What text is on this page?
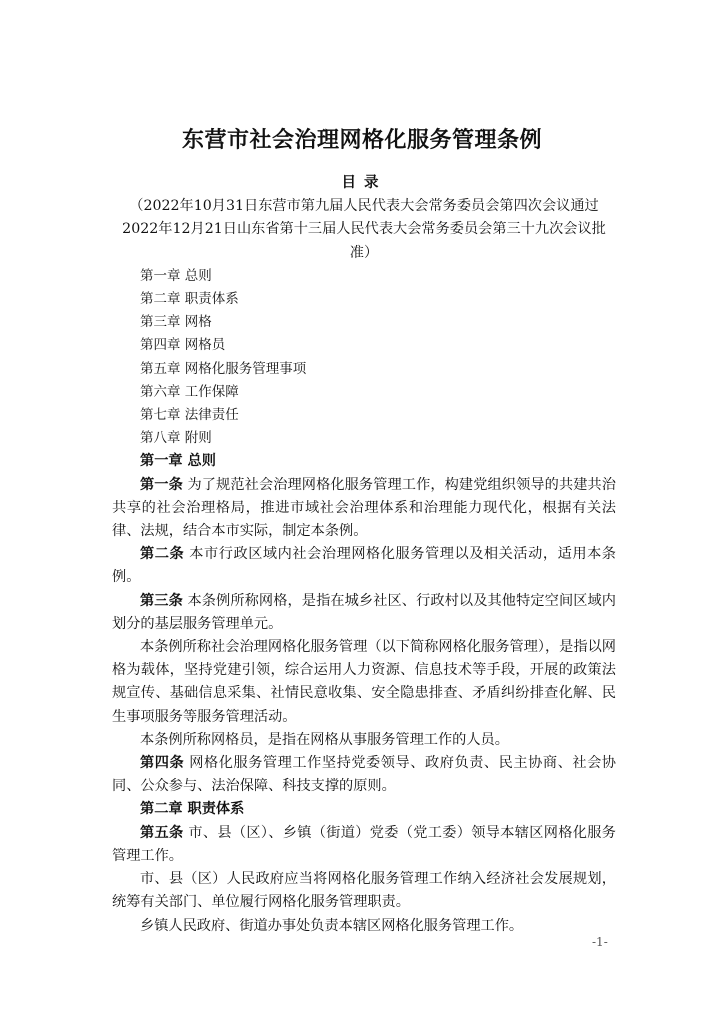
东营市社会治理网格化服务管理条例

目录

（2022年10月31日东营市第九届人民代表大会常务委员会第四次会议通过 2022年12月21日山东省第十三届人民代表大会常务委员会第三十九次会议批准）

第一章 总则
第二章 职责体系
第三章 网格
第四章 网格员
第五章 网格化服务管理事项
第六章 工作保障
第七章 法律责任
第八章 附则

第一章 总则

第一条 为了规范社会治理网格化服务管理工作，构建党组织领导的共建共治共享的社会治理格局，推进市域社会治理体系和治理能力现代化，根据有关法律、法规，结合本市实际，制定本条例。

第二条 本市行政区域内社会治理网格化服务管理以及相关活动，适用本条例。

第三条 本条例所称网格，是指在城乡社区、行政村以及其他特定空间区域内划分的基层服务管理单元。

本条例所称社会治理网格化服务管理（以下简称网格化服务管理），是指以网格为载体，坚持党建引领，综合运用人力资源、信息技术等手段，开展的政策法规宣传、基础信息采集、社情民意收集、安全隐患排查、矛盾纠纷排查化解、民生事项服务等服务管理活动。

本条例所称网格员，是指在网格从事服务管理工作的人员。

第四条 网格化服务管理工作坚持党委领导、政府负责、民主协商、社会协同、公众参与、法治保障、科技支撑的原则。

第二章 职责体系

第五条 市、县（区）、乡镇（街道）党委（党工委）领导本辖区网格化服务管理工作。

市、县（区）人民政府应当将网格化服务管理工作纳入经济社会发展规划，统筹有关部门、单位履行网格化服务管理职责。

乡镇人民政府、街道办事处负责本辖区网格化服务管理工作。

-1-
